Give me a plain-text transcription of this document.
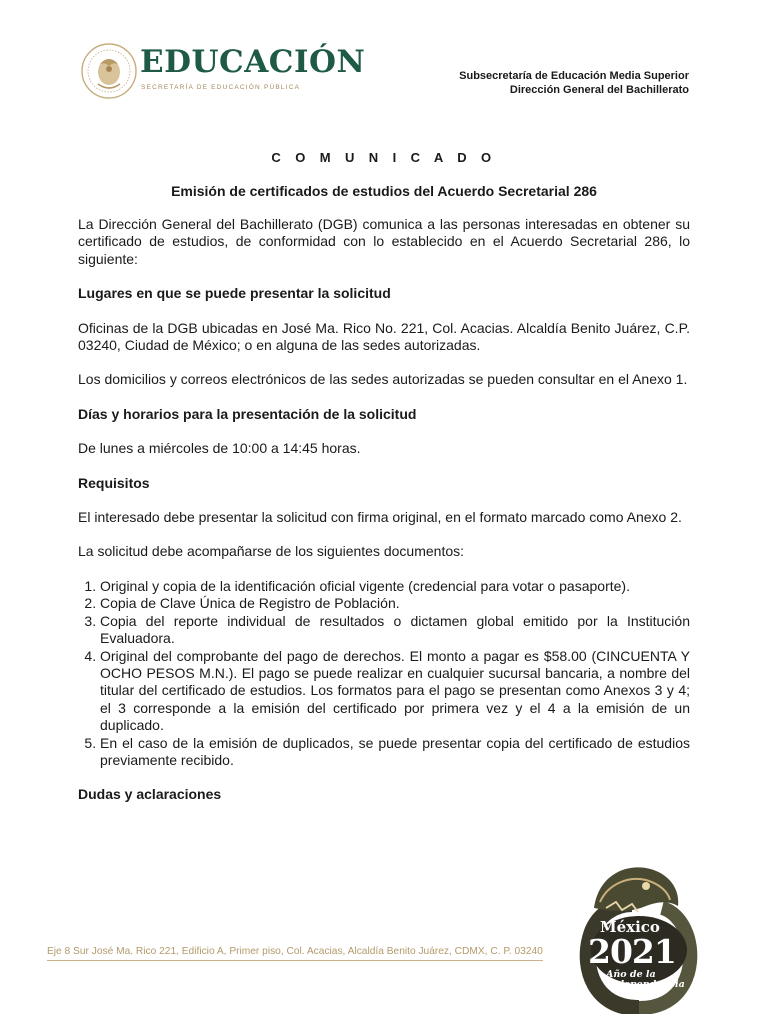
EDUCACIÓN
SECRETARÍA DE EDUCACIÓN PÚBLICA
Subsecretaría de Educación Media Superior
Dirección General del Bachillerato
C O M U N I C A D O
Emisión de certificados de estudios del Acuerdo Secretarial 286

La Dirección General del Bachillerato (DGB) comunica a las personas interesadas en obtener su certificado de estudios, de conformidad con lo establecido en el Acuerdo Secretarial 286, lo siguiente:

Lugares en que se puede presentar la solicitud

Oficinas de la DGB ubicadas en José Ma. Rico No. 221, Col. Acacias. Alcaldía Benito Juárez, C.P. 03240, Ciudad de México; o en alguna de las sedes autorizadas.

Los domicilios y correos electrónicos de las sedes autorizadas se pueden consultar en el Anexo 1.

Días y horarios para la presentación de la solicitud

De lunes a miércoles de 10:00 a 14:45 horas.

Requisitos

El interesado debe presentar la solicitud con firma original, en el formato marcado como Anexo 2.

La solicitud debe acompañarse de los siguientes documentos:

1. Original y copia de la identificación oficial vigente (credencial para votar o pasaporte).
2. Copia de Clave Única de Registro de Población.
3. Copia del reporte individual de resultados o dictamen global emitido por la Institución Evaluadora.
4. Original del comprobante del pago de derechos. El monto a pagar es $58.00 (CINCUENTA Y OCHO PESOS M.N.). El pago se puede realizar en cualquier sucursal bancaria, a nombre del titular del certificado de estudios. Los formatos para el pago se presentan como Anexos 3 y 4; el 3 corresponde a la emisión del certificado por primera vez y el 4 a la emisión de un duplicado.
5. En el caso de la emisión de duplicados, se puede presentar copia del certificado de estudios previamente recibido.
Dudas y aclaraciones
Eje 8 Sur José Ma. Rico 221, Edificio A, Primer piso, Col. Acacias, Alcaldía Benito Juárez, CDMX, C. P. 03240
México
2021
Año de la
Independencia
